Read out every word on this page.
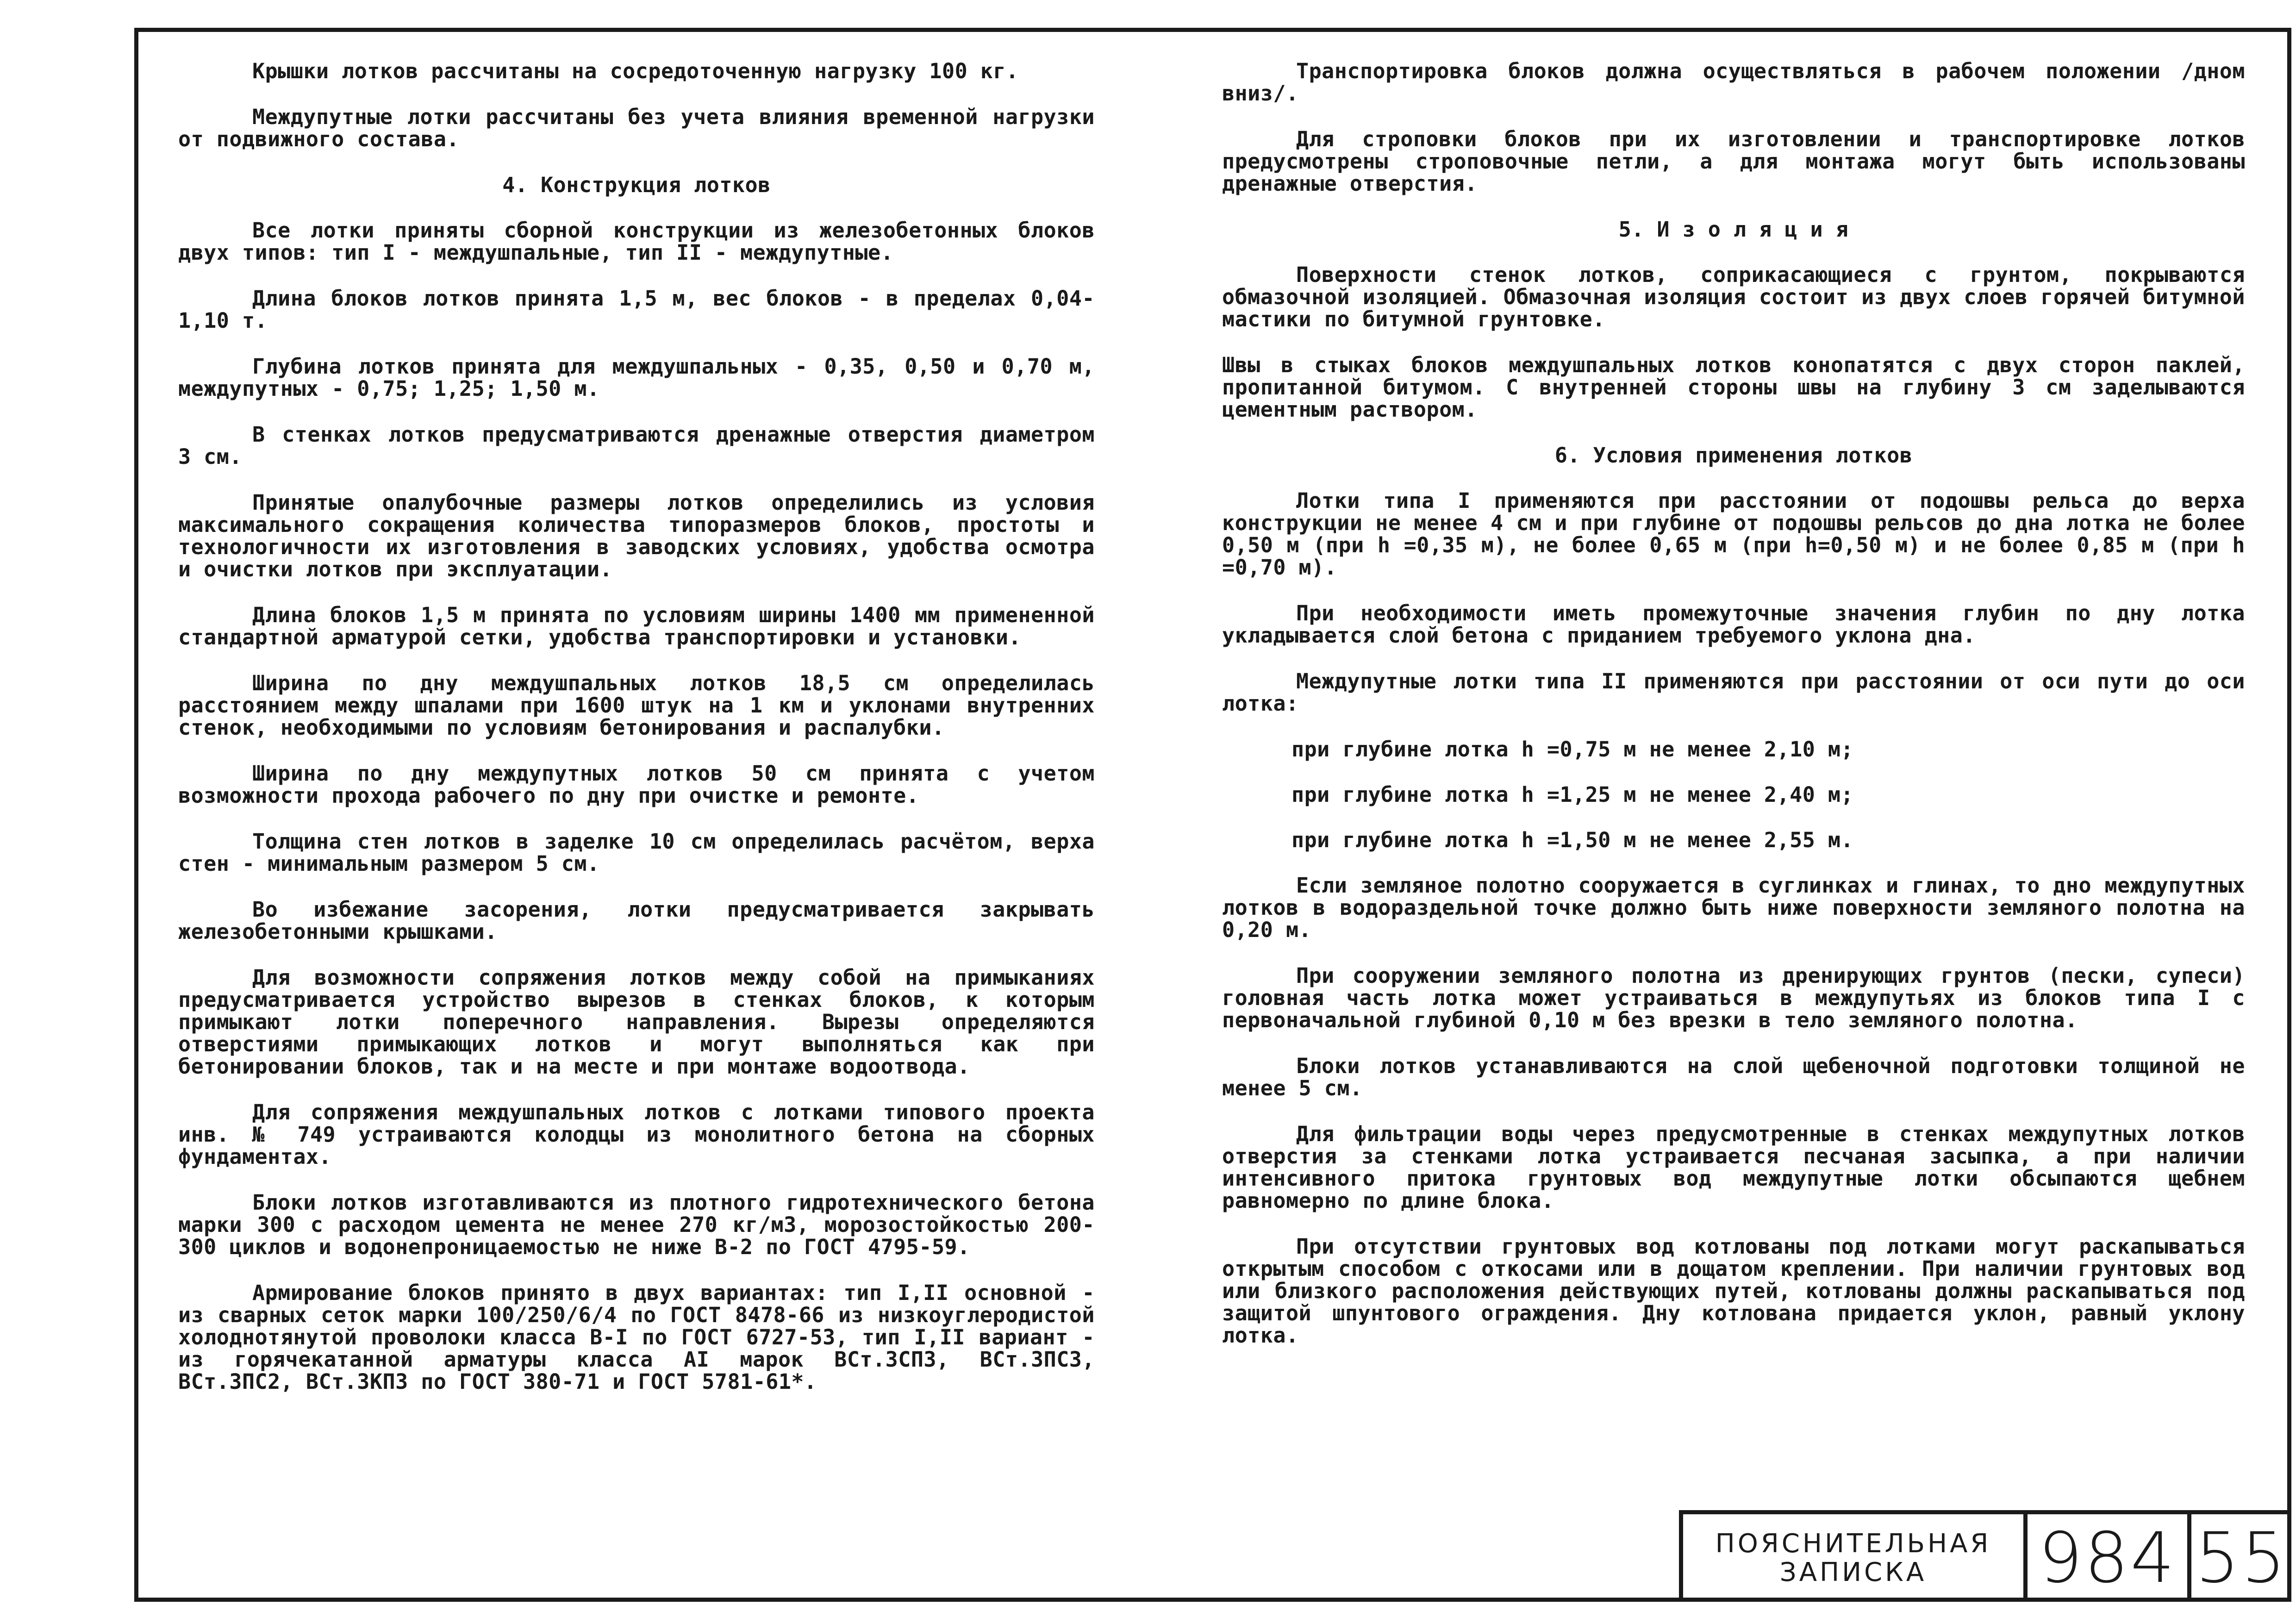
Крышки лотков рассчитаны на сосредоточенную нагрузку 100 кг.

Междупутные лотки рассчитаны без учета влияния временной нагрузки от подвижного состава.

4. Конструкция лотков

Все лотки приняты сборной конструкции из железобетонных блоков двух типов: тип I - междушпальные, тип II - междупутные.

Длина блоков лотков принята 1,5 м, вес блоков - в пределах 0,04-1,10 т.

Глубина лотков принята для междушпальных - 0,35, 0,50 и 0,70 м, междупутных - 0,75; 1,25; 1,50 м.

В стенках лотков предусматриваются дренажные отверстия диаметром 3 см.

Принятые опалубочные размеры лотков определились из условия максимального сокращения количества типоразмеров блоков, простоты и технологичности их изготовления в заводских условиях, удобства осмотра и очистки лотков при эксплуатации.

Длина блоков 1,5 м принята по условиям ширины 1400 мм примененной стандартной арматурой сетки, удобства транспортировки и установки.

Ширина по дну междушпальных лотков 18,5 см определилась расстоянием между шпалами при 1600 штук на 1 км и уклонами внутренних стенок, необходимыми по условиям бетонирования и распалубки.

Ширина по дну междупутных лотков 50 см принята с учетом возможности прохода рабочего по дну при очистке и ремонте.

Толщина стен лотков в заделке 10 см определилась расчётом, верха стен - минимальным размером 5 см.

Во избежание засорения, лотки предусматривается закрывать железобетонными крышками.

Для возможности сопряжения лотков между собой на примыканиях предусматривается устройство вырезов в стенках блоков, к которым примыкают лотки поперечного направления. Вырезы определяются отверстиями примыкающих лотков и могут выполняться как при бетонировании блоков, так и на месте и при монтаже водоотвода.

Для сопряжения междушпальных лотков с лотками типового проекта инв. № 749 устраиваются колодцы из монолитного бетона на сборных фундаментах.

Блоки лотков изготавливаются из плотного гидротехнического бетона марки 300 с расходом цемента не менее 270 кг/м3, морозостойкостью 200-300 циклов и водонепроницаемостью не ниже В-2 по ГОСТ 4795-59.

Армирование блоков принято в двух вариантах: тип I,II основной - из сварных сеток марки 100/250/6/4 по ГОСТ 8478-66 из низкоуглеродистой холоднотянутой проволоки класса В-I по ГОСТ 6727-53, тип I,II вариант - из горячекатанной арматуры класса AI марок ВСт.3СП3, ВСт.3ПС3, ВСт.3ПС2, ВСт.3КП3 по ГОСТ 380-71 и ГОСТ 5781-61*.

Транспортировка блоков должна осуществляться в рабочем положении /дном вниз/.

Для строповки блоков при их изготовлении и транспортировке лотков предусмотрены строповочные петли, а для монтажа могут быть использованы дренажные отверстия.

5. И з о л я ц и я

Поверхности стенок лотков, соприкасающиеся с грунтом, покрываются обмазочной изоляцией. Обмазочная изоляция состоит из двух слоев горячей битумной мастики по битумной грунтовке.

Швы в стыках блоков междушпальных лотков конопатятся с двух сторон паклей, пропитанной битумом. С внутренней стороны швы на глубину 3 см заделываются цементным раствором.

6. Условия применения лотков

Лотки типа I применяются при расстоянии от подошвы рельса до верха конструкции не менее 4 см и при глубине от подошвы рельсов до дна лотка не более 0,50 м (при h =0,35 м), не более 0,65 м (при h=0,50 м) и не более 0,85 м (при h =0,70 м).

При необходимости иметь промежуточные значения глубин по дну лотка укладывается слой бетона с приданием требуемого уклона дна.

Междупутные лотки типа II применяются при расстоянии от оси пути до оси лотка:

при глубине лотка h =0,75 м не менее 2,10 м;

при глубине лотка h =1,25 м не менее 2,40 м;

при глубине лотка h =1,50 м не менее 2,55 м.

Если земляное полотно сооружается в суглинках и глинах, то дно междупутных лотков в водораздельной точке должно быть ниже поверхности земляного полотна на 0,20 м.

При сооружении земляного полотна из дренирующих грунтов (пески, супеси) головная часть лотка может устраиваться в междупутьях из блоков типа I с первоначальной глубиной 0,10 м без врезки в тело земляного полотна.

Блоки лотков устанавливаются на слой щебеночной подготовки толщиной не менее 5 см.

Для фильтрации воды через предусмотренные в стенках междупутных лотков отверстия за стенками лотка устраивается песчаная засыпка, а при наличии интенсивного притока грунтовых вод междупутные лотки обсыпаются щебнем равномерно по длине блока.

При отсутствии грунтовых вод котлованы под лотками могут раскапываться открытым способом с откосами или в дощатом креплении. При наличии грунтовых вод или близкого расположения действующих путей, котлованы должны раскапываться под защитой шпунтового ограждения. Дну котлована придается уклон, равный уклону лотка.

ПОЯСНИТЕЛЬНАЯ
ЗАПИСКА 984 55
